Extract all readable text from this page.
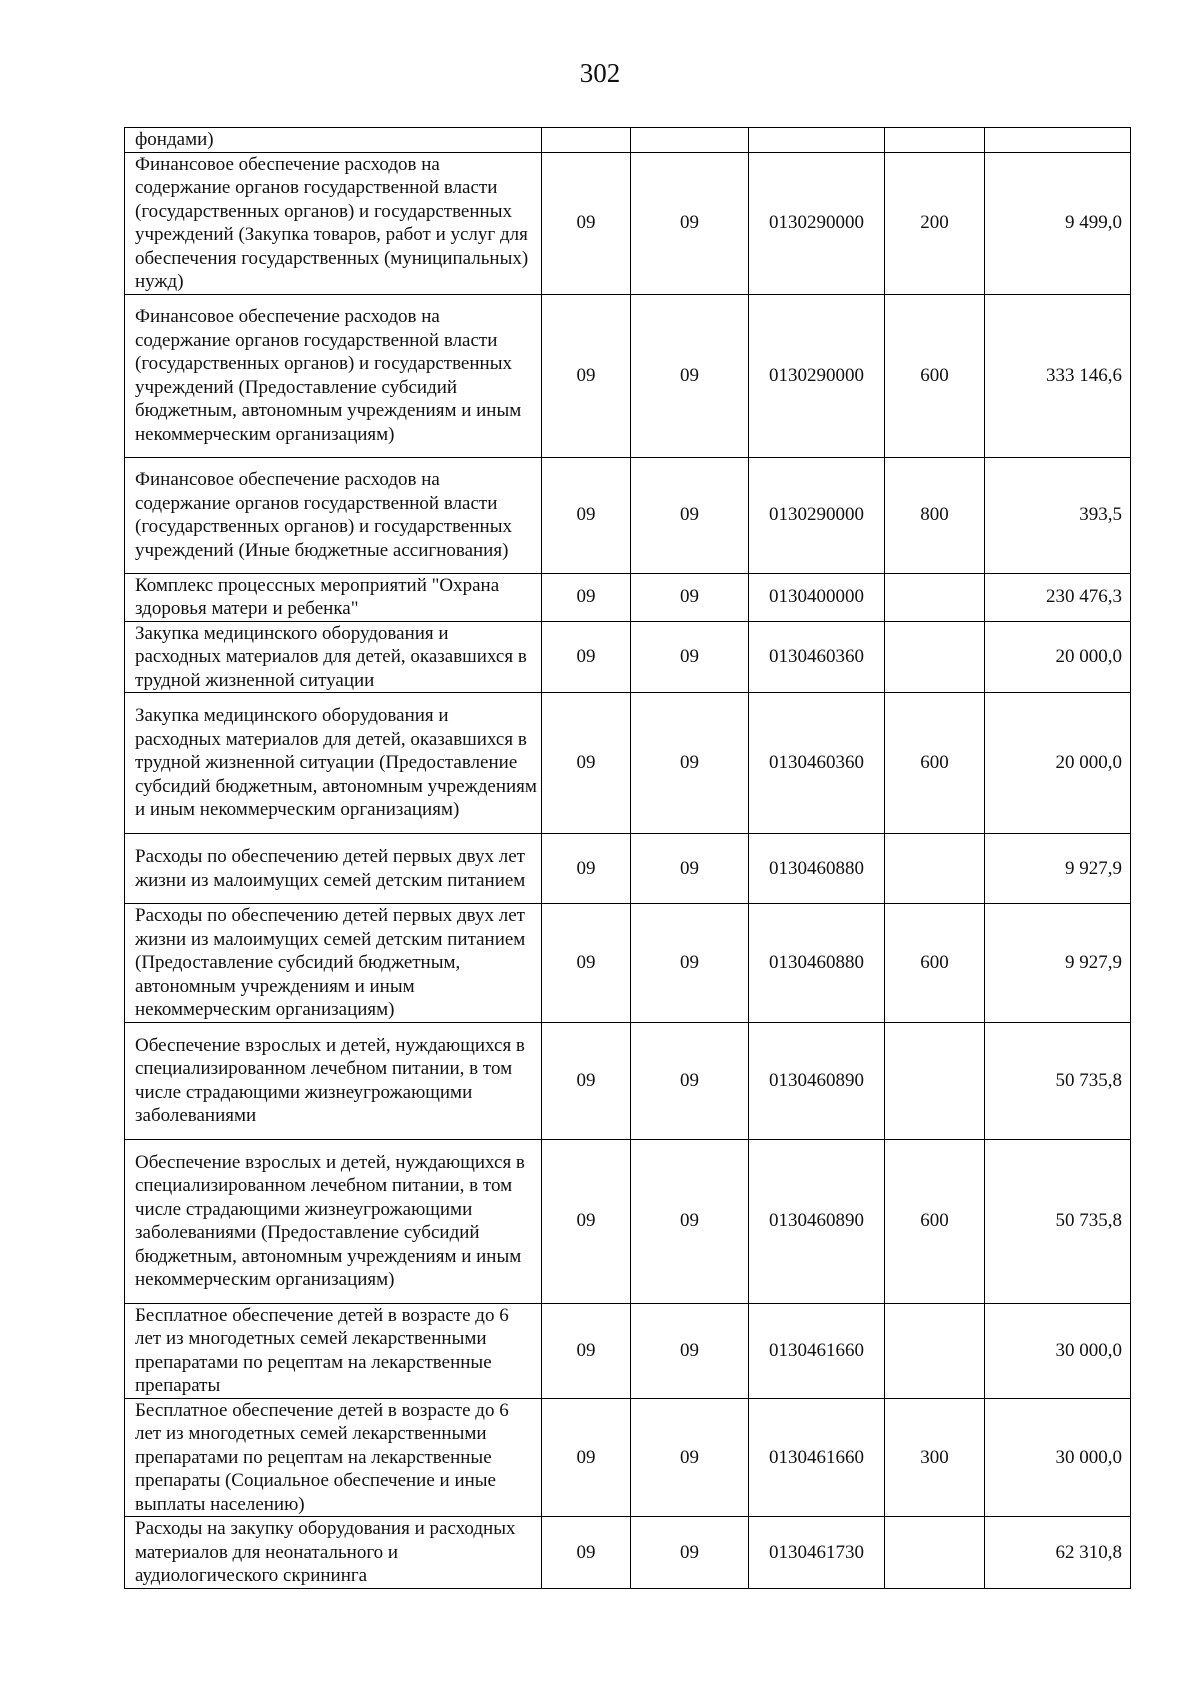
302
фондами)					
Финансовое обеспечение расходов на содержание органов государственной власти (государственных органов) и государственных учреждений (Закупка товаров, работ и услуг для обеспечения государственных (муниципальных) нужд)	09	09	0130290000	200	9 499,0
Финансовое обеспечение расходов на содержание органов государственной власти (государственных органов) и государственных учреждений (Предоставление субсидий бюджетным, автономным учреждениям и иным некоммерческим организациям)	09	09	0130290000	600	333 146,6
Финансовое обеспечение расходов на содержание органов государственной власти (государственных органов) и государственных учреждений (Иные бюджетные ассигнования)	09	09	0130290000	800	393,5
Комплекс процессных мероприятий "Охрана здоровья матери и ребенка"	09	09	0130400000		230 476,3
Закупка медицинского оборудования и расходных материалов для детей, оказавшихся в трудной жизненной ситуации	09	09	0130460360		20 000,0
Закупка медицинского оборудования и расходных материалов для детей, оказавшихся в трудной жизненной ситуации (Предоставление субсидий бюджетным, автономным учреждениям и иным некоммерческим организациям)	09	09	0130460360	600	20 000,0
Расходы по обеспечению детей первых двух лет жизни из малоимущих семей детским питанием	09	09	0130460880		9 927,9
Расходы по обеспечению детей первых двух лет жизни из малоимущих семей детским питанием (Предоставление субсидий бюджетным, автономным учреждениям и иным некоммерческим организациям)	09	09	0130460880	600	9 927,9
Обеспечение взрослых и детей, нуждающихся в специализированном лечебном питании, в том числе страдающими жизнеугрожающими заболеваниями	09	09	0130460890		50 735,8
Обеспечение взрослых и детей, нуждающихся в специализированном лечебном питании, в том числе страдающими жизнеугрожающими заболеваниями (Предоставление субсидий бюджетным, автономным учреждениям и иным некоммерческим организациям)	09	09	0130460890	600	50 735,8
Бесплатное обеспечение детей в возрасте до 6 лет из многодетных семей лекарственными препаратами по рецептам на лекарственные препараты	09	09	0130461660		30 000,0
Бесплатное обеспечение детей в возрасте до 6 лет из многодетных семей лекарственными препаратами по рецептам на лекарственные препараты (Социальное обеспечение и иные выплаты населению)	09	09	0130461660	300	30 000,0
Расходы на закупку оборудования и расходных материалов для неонатального и аудиологического скрининга	09	09	0130461730		62 310,8
